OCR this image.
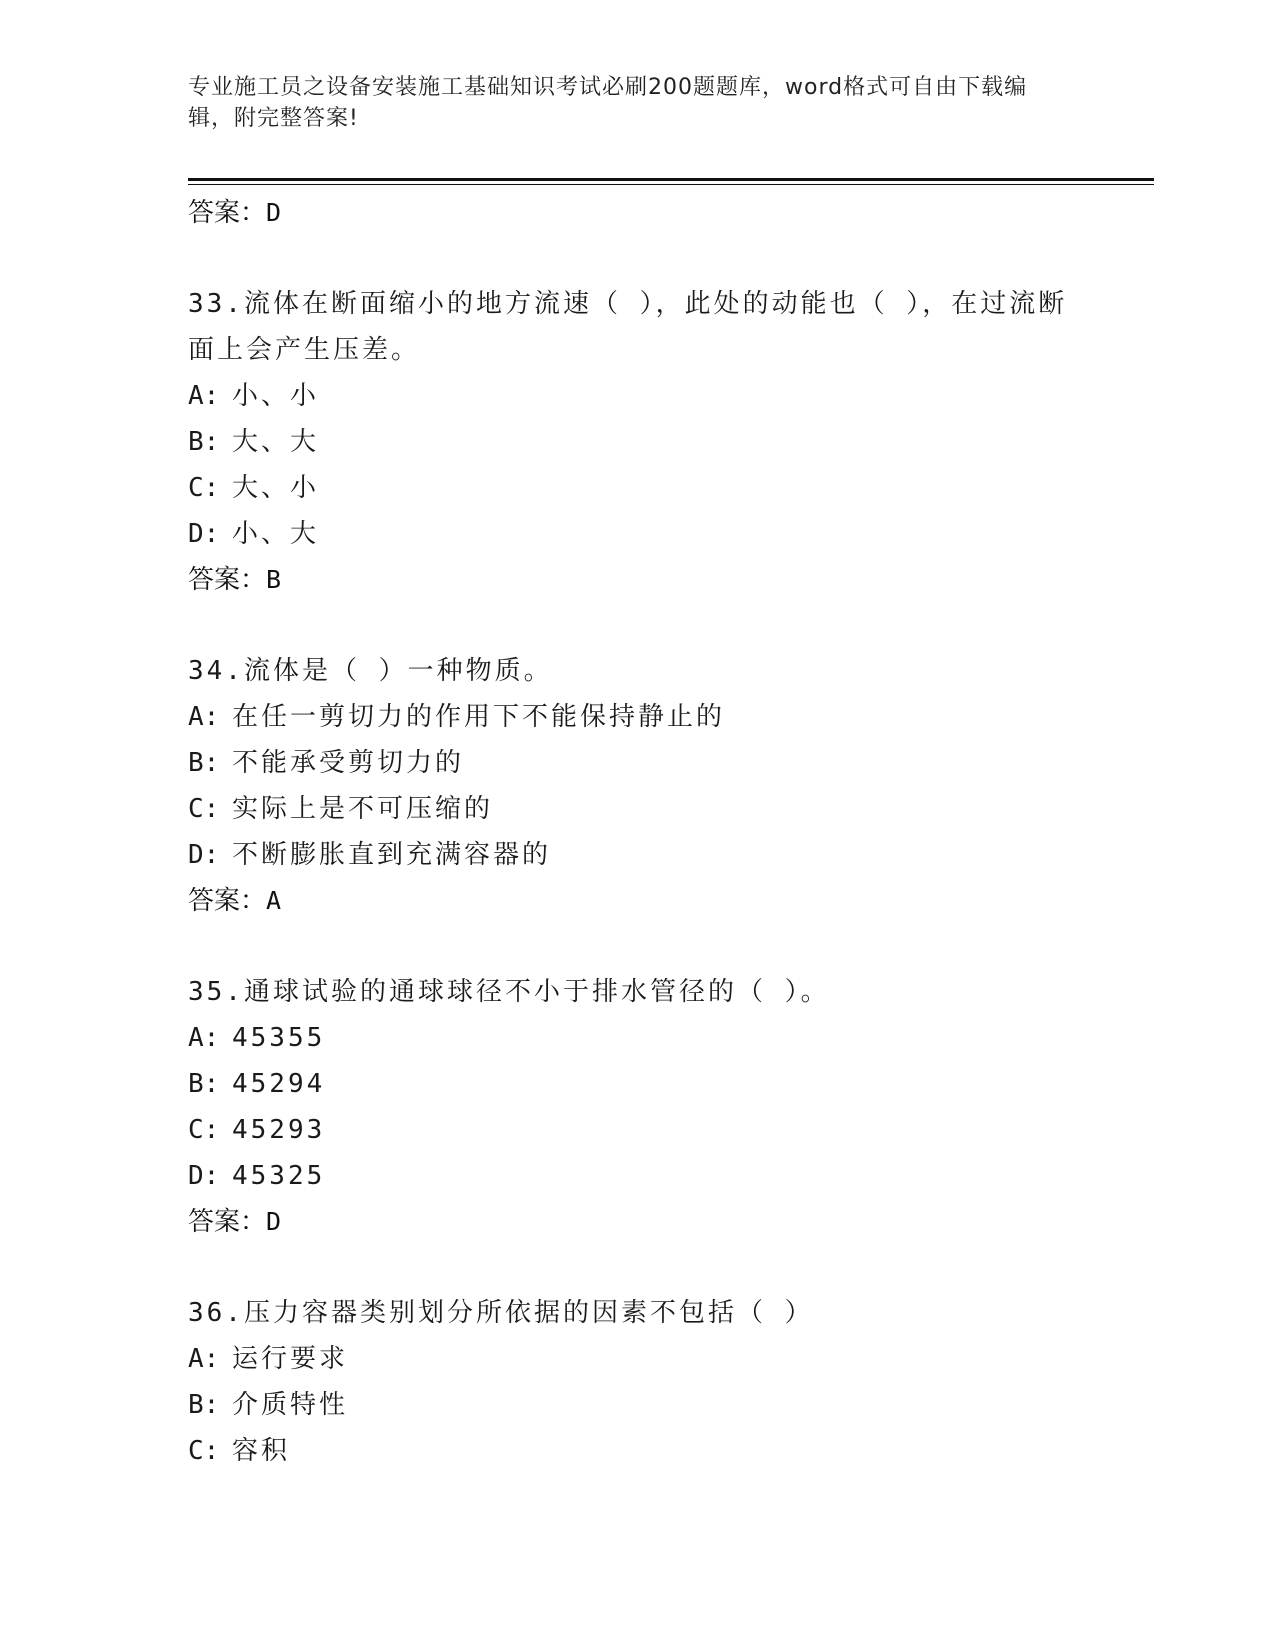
专业施工员之设备安装施工基础知识考试必刷200题题库，word格式可自由下载编辑，附完整答案!
答案：D
33.流体在断面缩小的地方流速（ ），此处的动能也（ ），在过流断面上会产生压差。
A: 小、小
B: 大、大
C: 大、小
D: 小、大
答案：B
34.流体是（ ）一种物质。
A: 在任一剪切力的作用下不能保持静止的
B: 不能承受剪切力的
C: 实际上是不可压缩的
D: 不断膨胀直到充满容器的
答案：A
35.通球试验的通球球径不小于排水管径的（ ）。
A: 45355
B: 45294
C: 45293
D: 45325
答案：D
36.压力容器类别划分所依据的因素不包括（ ）
A: 运行要求
B: 介质特性
C: 容积
